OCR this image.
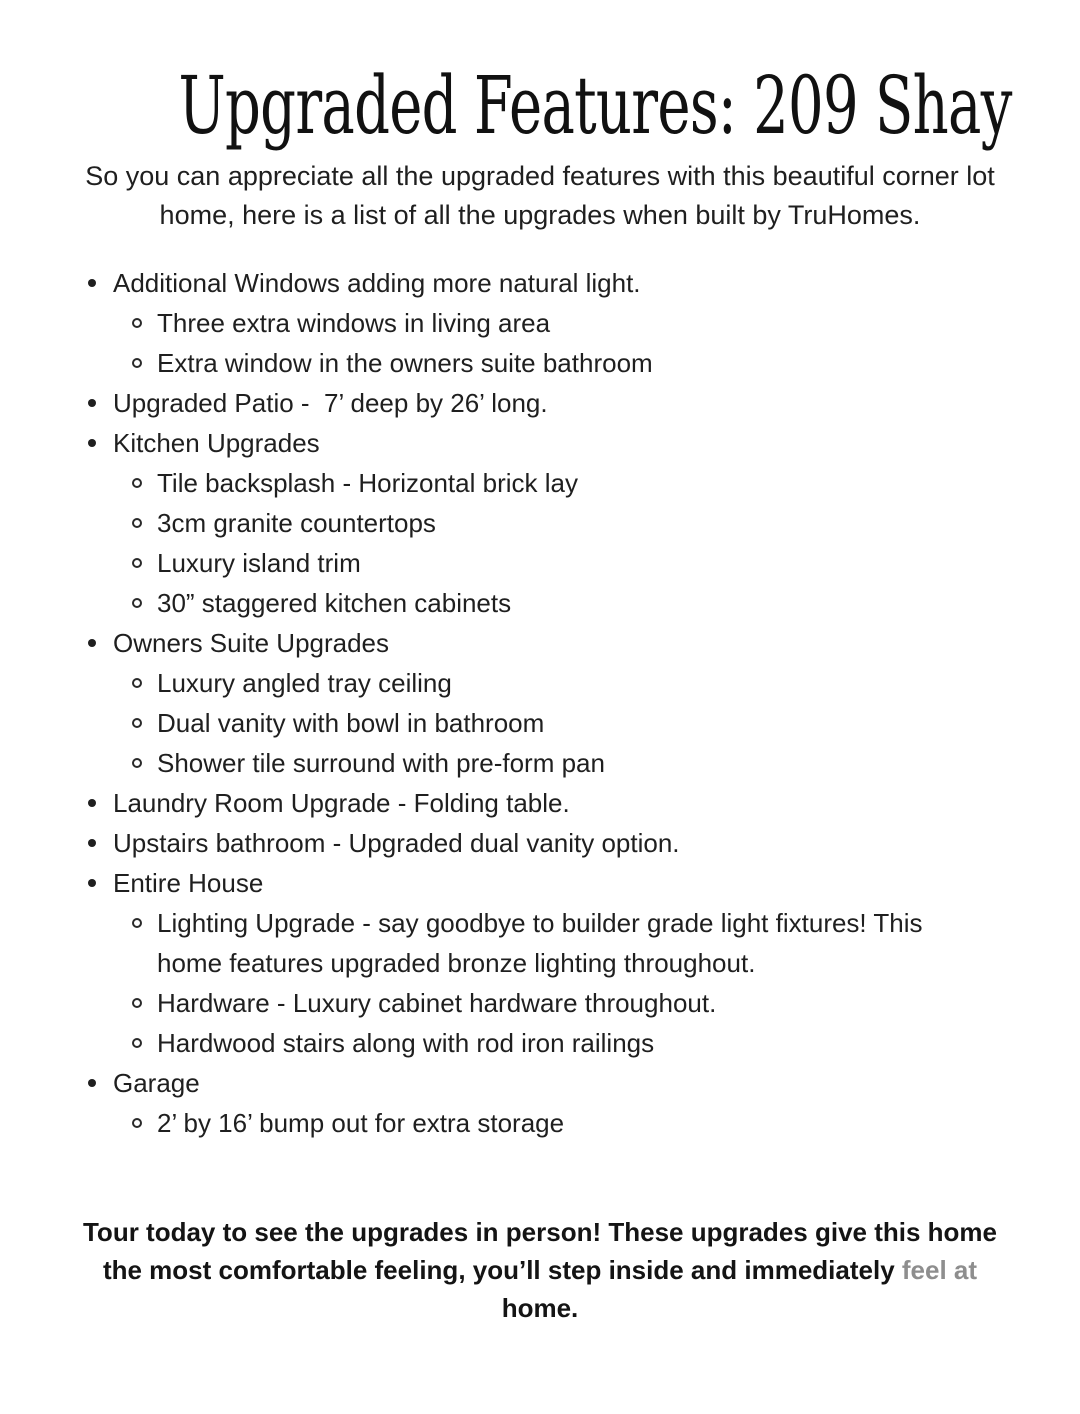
Upgraded Features: 209 Shay

So you can appreciate all the upgraded features with this beautiful corner lot home, here is a list of all the upgrades when built by TruHomes.

Additional Windows adding more natural light.
Three extra windows in living area
Extra window in the owners suite bathroom
Upgraded Patio -  7’ deep by 26’ long.
Kitchen Upgrades
Tile backsplash - Horizontal brick lay
3cm granite countertops
Luxury island trim
30” staggered kitchen cabinets
Owners Suite Upgrades
Luxury angled tray ceiling
Dual vanity with bowl in bathroom
Shower tile surround with pre-form pan
Laundry Room Upgrade - Folding table.
Upstairs bathroom - Upgraded dual vanity option.
Entire House
Lighting Upgrade - say goodbye to builder grade light fixtures! This home features upgraded bronze lighting throughout.
Hardware - Luxury cabinet hardware throughout.
Hardwood stairs along with rod iron railings
Garage
2’ by 16’ bump out for extra storage

Tour today to see the upgrades in person! These upgrades give this home the most comfortable feeling, you’ll step inside and immediately feel at home.
